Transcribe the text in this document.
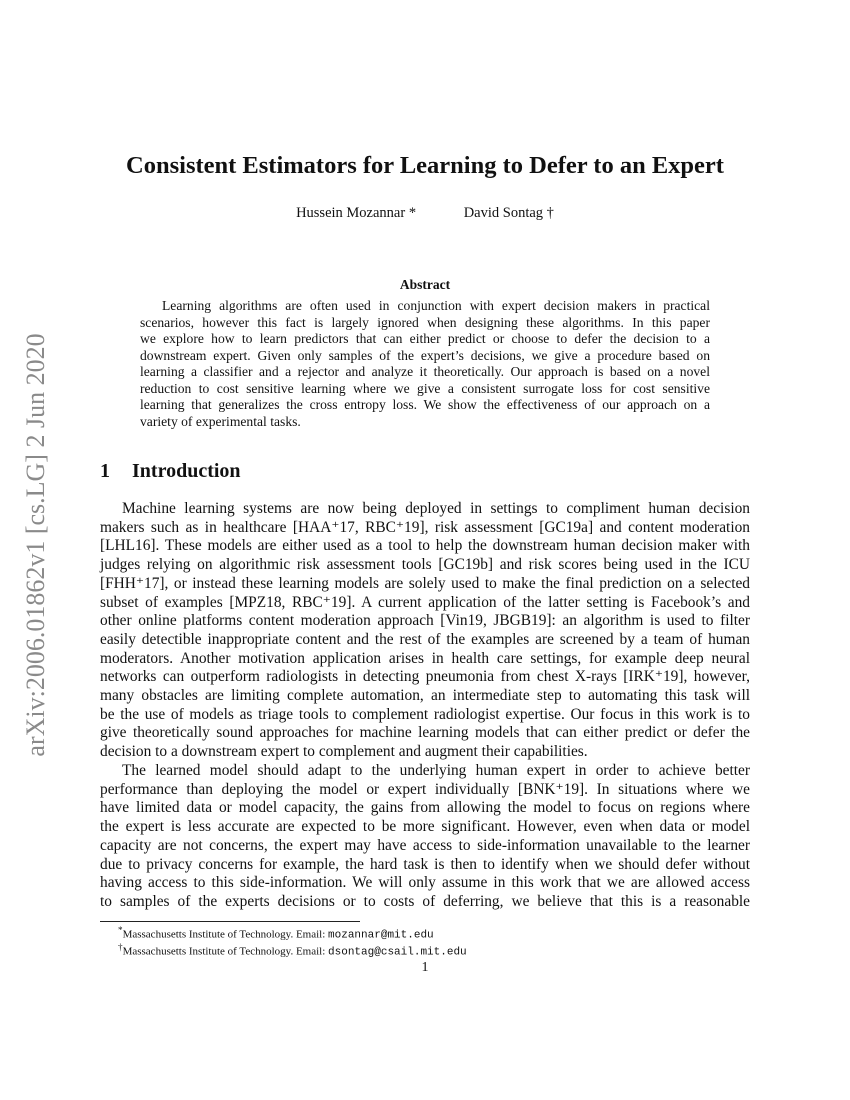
arXiv:2006.01862v1 [cs.LG] 2 Jun 2020
Consistent Estimators for Learning to Defer to an Expert
Hussein Mozannar *	David Sontag †
Abstract
Learning algorithms are often used in conjunction with expert decision makers in practical
scenarios, however this fact is largely ignored when designing these algorithms. In this paper
we explore how to learn predictors that can either predict or choose to defer the decision to a
downstream expert. Given only samples of the expert’s decisions, we give a procedure based on
learning a classifier and a rejector and analyze it theoretically. Our approach is based on a novel
reduction to cost sensitive learning where we give a consistent surrogate loss for cost sensitive
learning that generalizes the cross entropy loss. We show the effectiveness of our approach on a
variety of experimental tasks.
1 Introduction
Machine learning systems are now being deployed in settings to compliment human decision
makers such as in healthcare [HAA⁺17, RBC⁺19], risk assessment [GC19a] and content moderation
[LHL16]. These models are either used as a tool to help the downstream human decision maker with
judges relying on algorithmic risk assessment tools [GC19b] and risk scores being used in the ICU
[FHH⁺17], or instead these learning models are solely used to make the final prediction on a selected
subset of examples [MPZ18, RBC⁺19]. A current application of the latter setting is Facebook’s and
other online platforms content moderation approach [Vin19, JBGB19]: an algorithm is used to filter
easily detectible inappropriate content and the rest of the examples are screened by a team of human
moderators. Another motivation application arises in health care settings, for example deep neural
networks can outperform radiologists in detecting pneumonia from chest X-rays [IRK⁺19], however,
many obstacles are limiting complete automation, an intermediate step to automating this task will
be the use of models as triage tools to complement radiologist expertise. Our focus in this work is to
give theoretically sound approaches for machine learning models that can either predict or defer the
decision to a downstream expert to complement and augment their capabilities.
The learned model should adapt to the underlying human expert in order to achieve better
performance than deploying the model or expert individually [BNK⁺19]. In situations where we
have limited data or model capacity, the gains from allowing the model to focus on regions where
the expert is less accurate are expected to be more significant. However, even when data or model
capacity are not concerns, the expert may have access to side-information unavailable to the learner
due to privacy concerns for example, the hard task is then to identify when we should defer without
having access to this side-information. We will only assume in this work that we are allowed access
to samples of the experts decisions or to costs of deferring, we believe that this is a reasonable
*Massachusetts Institute of Technology. Email: mozannar@mit.edu
†Massachusetts Institute of Technology. Email: dsontag@csail.mit.edu
1
